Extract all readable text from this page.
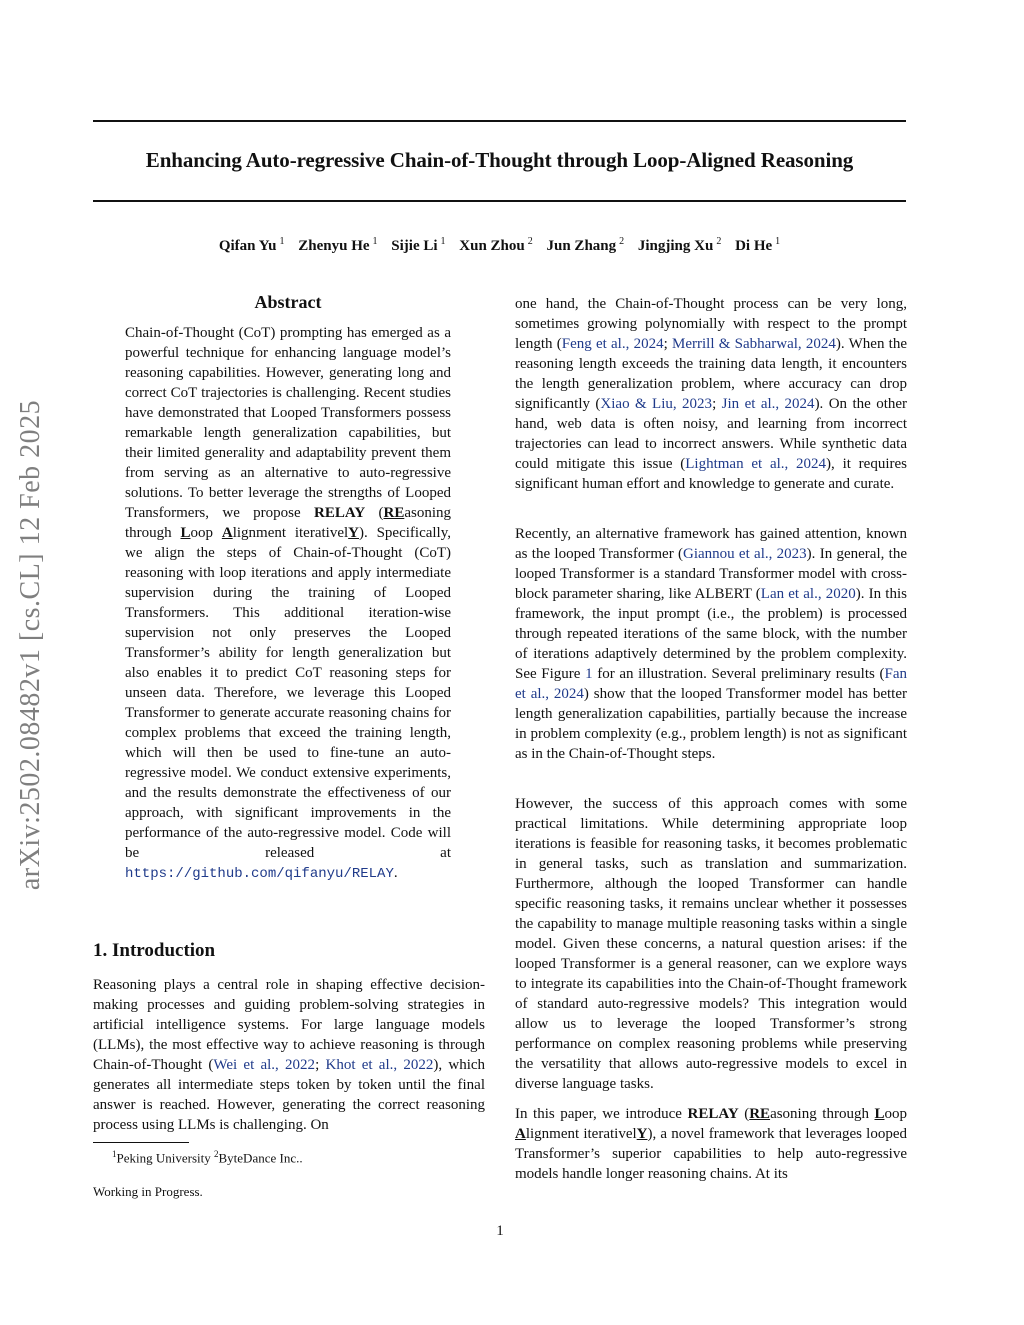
Enhancing Auto-regressive Chain-of-Thought through Loop-Aligned Reasoning
Qifan Yu $^1$ Zhenyu He $^1$ Sijie Li $^1$ Xun Zhou $^2$ Jun Zhang $^2$ Jingjing Xu $^2$ Di He $^1$
arXiv:2502.08482v1 [cs.CL] 12 Feb 2025
Abstract

Chain-of-Thought (CoT) prompting has emerged as a powerful technique for enhancing language model’s reasoning capabilities. However, generating long and correct CoT trajectories is challenging. Recent studies have demonstrated that Looped Transformers possess remarkable length generalization capabilities, but their limited generality and adaptability prevent them from serving as an alternative to auto-regressive solutions. To better leverage the strengths of Looped Transformers, we propose RELAY (REasoning through Loop Alignment iterativelY). Specifically, we align the steps of Chain-of-Thought (CoT) reasoning with loop iterations and apply intermediate supervision during the training of Looped Transformers. This additional iteration-wise supervision not only preserves the Looped Transformer’s ability for length generalization but also enables it to predict CoT reasoning steps for unseen data. Therefore, we leverage this Looped Transformer to generate accurate reasoning chains for complex problems that exceed the training length, which will then be used to fine-tune an auto-regressive model. We conduct extensive experiments, and the results demonstrate the effectiveness of our approach, with significant improvements in the performance of the auto-regressive model. Code will be released at https://github.com/qifanyu/RELAY.

1. Introduction

Reasoning plays a central role in shaping effective decision-making processes and guiding problem-solving strategies in artificial intelligence systems. For large language models (LLMs), the most effective way to achieve reasoning is through Chain-of-Thought (Wei et al., 2022; Khot et al., 2022), which generates all intermediate steps token by token until the final answer is reached. However, generating the correct reasoning process using LLMs is challenging. On

$^1$Peking University $^2$ByteDance Inc..

Working in Progress.

one hand, the Chain-of-Thought process can be very long, sometimes growing polynomially with respect to the prompt length (Feng et al., 2024; Merrill & Sabharwal, 2024). When the reasoning length exceeds the training data length, it encounters the length generalization problem, where accuracy can drop significantly (Xiao & Liu, 2023; Jin et al., 2024). On the other hand, web data is often noisy, and learning from incorrect trajectories can lead to incorrect answers. While synthetic data could mitigate this issue (Lightman et al., 2024), it requires significant human effort and knowledge to generate and curate.

Recently, an alternative framework has gained attention, known as the looped Transformer (Giannou et al., 2023). In general, the looped Transformer is a standard Transformer model with cross-block parameter sharing, like ALBERT (Lan et al., 2020). In this framework, the input prompt (i.e., the problem) is processed through repeated iterations of the same block, with the number of iterations adaptively determined by the problem complexity. See Figure 1 for an illustration. Several preliminary results (Fan et al., 2024) show that the looped Transformer model has better length generalization capabilities, partially because the increase in problem complexity (e.g., problem length) is not as significant as in the Chain-of-Thought steps.

However, the success of this approach comes with some practical limitations. While determining appropriate loop iterations is feasible for reasoning tasks, it becomes problematic in general tasks, such as translation and summarization. Furthermore, although the looped Transformer can handle specific reasoning tasks, it remains unclear whether it possesses the capability to manage multiple reasoning tasks within a single model. Given these concerns, a natural question arises: if the looped Transformer is a general reasoner, can we explore ways to integrate its capabilities into the Chain-of-Thought framework of standard auto-regressive models? This integration would allow us to leverage the looped Transformer’s strong performance on complex reasoning problems while preserving the versatility that allows auto-regressive models to excel in diverse language tasks.

In this paper, we introduce RELAY (REasoning through Loop Alignment iterativelY), a novel framework that leverages looped Transformer’s superior capabilities to help auto-regressive models handle longer reasoning chains. At its

1
